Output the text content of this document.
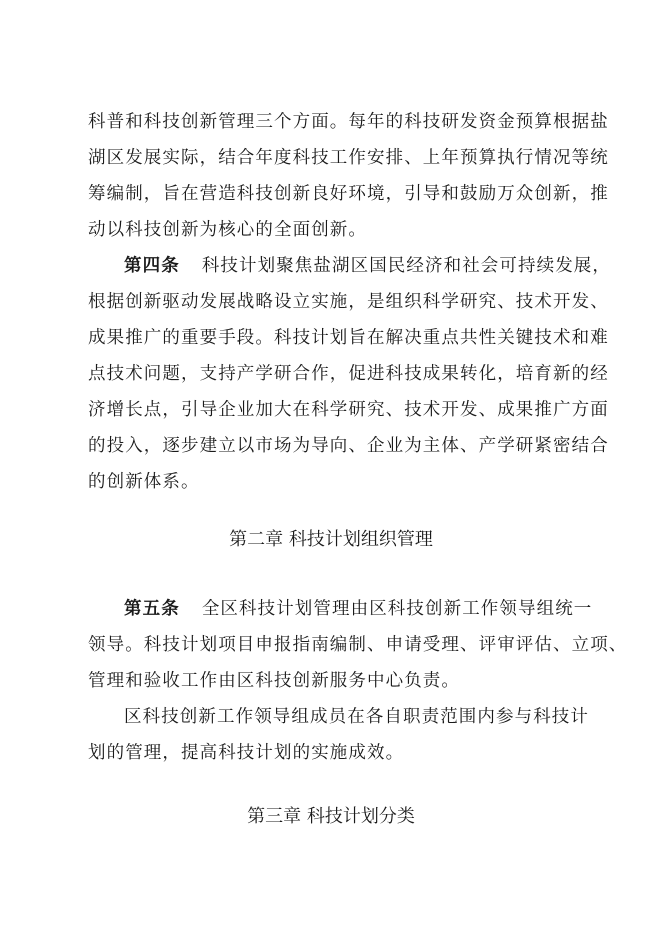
科普和科技创新管理三个方面。每年的科技研发资金预算根据盐
湖区发展实际，结合年度科技工作安排、上年预算执行情况等统
筹编制，旨在营造科技创新良好环境，引导和鼓励万众创新，推
动以科技创新为核心的全面创新。
第四条 科技计划聚焦盐湖区国民经济和社会可持续发展，
根据创新驱动发展战略设立实施，是组织科学研究、技术开发、
成果推广的重要手段。科技计划旨在解决重点共性关键技术和难
点技术问题，支持产学研合作，促进科技成果转化，培育新的经
济增长点，引导企业加大在科学研究、技术开发、成果推广方面
的投入，逐步建立以市场为导向、企业为主体、产学研紧密结合
的创新体系。
第二章 科技计划组织管理
第五条 全区科技计划管理由区科技创新工作领导组统一
领导。科技计划项目申报指南编制、申请受理、评审评估、立项、
管理和验收工作由区科技创新服务中心负责。
区科技创新工作领导组成员在各自职责范围内参与科技计
划的管理，提高科技计划的实施成效。
第三章 科技计划分类
